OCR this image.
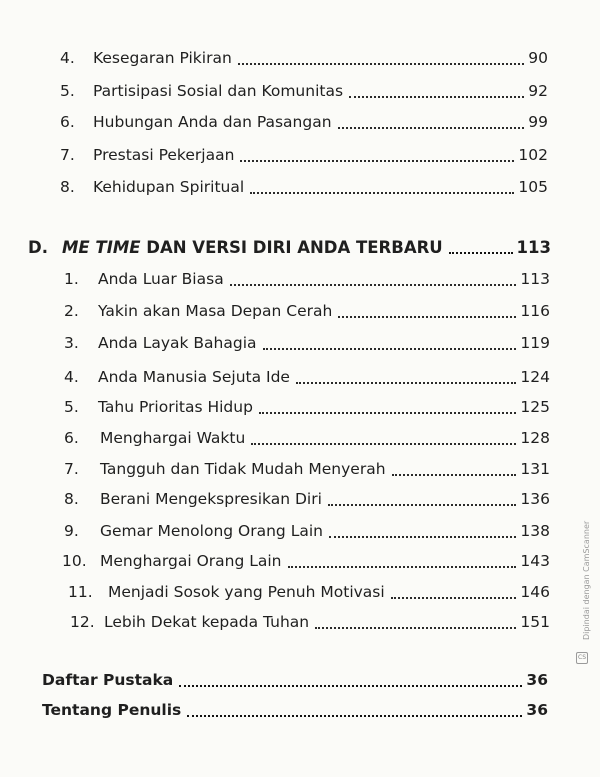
4.	Kesegaran Pikiran	90
5.	Partisipasi Sosial dan Komunitas	92
6.	Hubungan Anda dan Pasangan	99
7.	Prestasi Pekerjaan	102
8.	Kehidupan Spiritual	105
D. ME TIME DAN VERSI DIRI ANDA TERBARU	113
1.	Anda Luar Biasa	113
2.	Yakin akan Masa Depan Cerah	116
3.	Anda Layak Bahagia	119
4.	Anda Manusia Sejuta Ide	124
5.	Tahu Prioritas Hidup	125
6.	Menghargai Waktu	128
7.	Tangguh dan Tidak Mudah Menyerah	131
8.	Berani Mengekspresikan Diri	136
9.	Gemar Menolong Orang Lain	138
10. Menghargai Orang Lain	143
11. Menjadi Sosok yang Penuh Motivasi	146
12. Lebih Dekat kepada Tuhan	151
Daftar Pustaka	36
Tentang Penulis	36
CS
Dipindai dengan CamScanner
